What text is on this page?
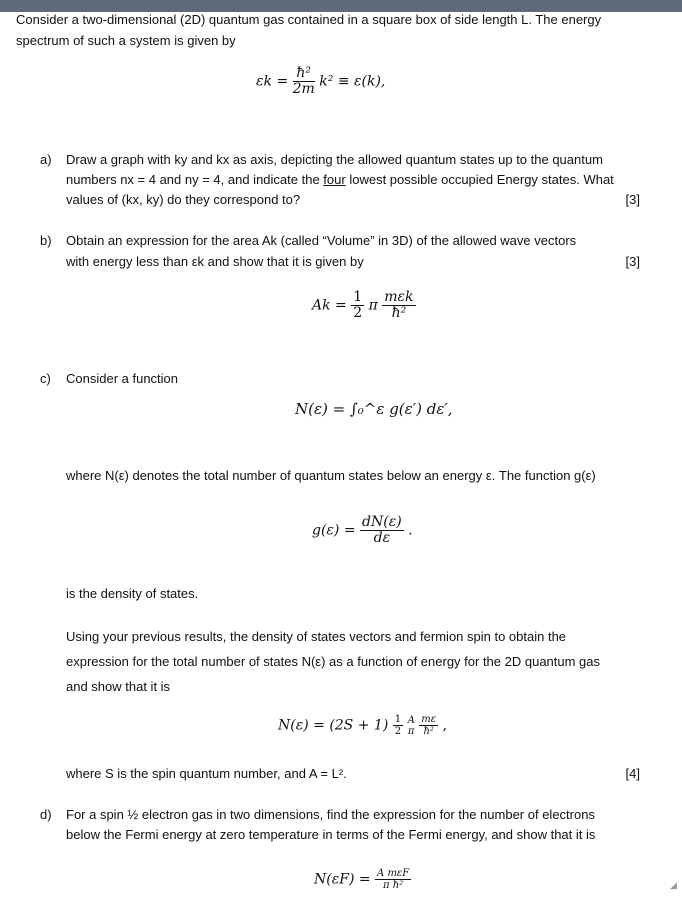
Consider a two-dimensional (2D) quantum gas contained in a square box of side length L. The energy
spectrum of such a system is given by
$\varepsilon k = \frac{\text{ħ²}}{2m} k^2 \equiv \varepsilon(k)$,
a) Draw a graph with ky and kx as axis, depicting the allowed quantum states up to the quantum
numbers nx = 4 and ny = 4, and indicate the four lowest possible occupied Energy states. What
values of (kx, ky) do they correspond to?	[3]
b) Obtain an expression for the area Ak (called “Volume” in 3D) of the allowed wave vectors
with energy less than εk and show that it is given by	[3]
$Ak = \frac{1}{2}$ π $\frac{\text{mεk}}{\text{ħ²}}$
c) Consider a function
N(ε) = ∫₀^ε g(ε′) dε′,
where N(ε) denotes the total number of quantum states below an energy ε. The function g(ε)
$g(\varepsilon) = \frac{dN(\varepsilon)}{d\varepsilon}$ .
is the density of states.
Using your previous results, the density of states vectors and fermion spin to obtain the
expression for the total number of states N(ε) as a function of energy for the 2D quantum gas
and show that it is
$N(\varepsilon) = (2S + 1) \frac{1}{2}$
A
π
$\frac{m\varepsilon}{\text{ħ²}}$ ,
where S is the spin quantum number, and A = L².	[4]
d) For a spin ½ electron gas in two dimensions, find the expression for the number of electrons
below the Fermi energy at zero temperature in terms of the Fermi energy, and show that it is
$N(\varepsilon F) = \frac{\text{A mεF}}{\text{π ħ²}}$	◢
